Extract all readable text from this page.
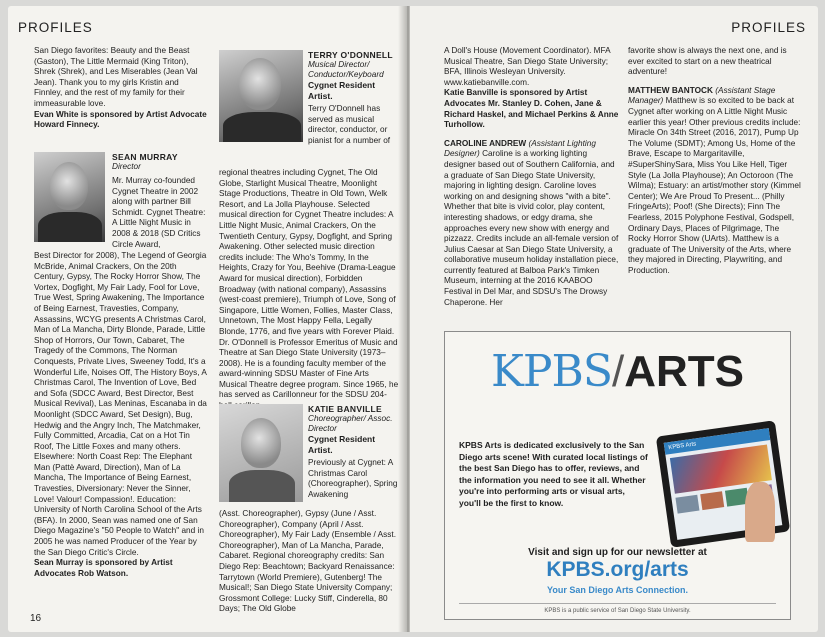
PROFILES

San Diego favorites: Beauty and the Beast (Gaston), The Little Mermaid (King Triton), Shrek (Shrek), and Les Miserables (Jean Val Jean). Thank you to my girls Kristin and Finnley, and the rest of my family for their immeasurable love.

Evan White is sponsored by Artist Advocate Howard Finnecy.

SEAN MURRAY

Director

Mr. Murray co-founded Cygnet Theatre in 2002 along with partner Bill Schmidt. Cygnet Theatre: A Little Night Music in 2008 & 2018 (SD Critics Circle Award,

Best Director for 2008), The Legend of Georgia McBride, Animal Crackers, On the 20th Century, Gypsy, The Rocky Horror Show, The Vortex, Dogfight, My Fair Lady, Fool for Love, True West, Spring Awakening, The Importance of Being Earnest, Travesties, Company, Assassins, WCYG presents A Christmas Carol, Man of La Mancha, Dirty Blonde, Parade, Little Shop of Horrors, Our Town, Cabaret, The Tragedy of the Commons, The Norman Conquests, Private Lives, Sweeney Todd, It's a Wonderful Life, Noises Off, The History Boys, A Christmas Carol, The Invention of Love, Bed and Sofa (SDCC Award, Best Director, Best Musical Revival), Las Meninas, Escanaba in da Moonlight (SDCC Award, Set Design), Bug, Hedwig and the Angry Inch, The Matchmaker, Fully Committed, Arcadia, Cat on a Hot Tin Roof, The Little Foxes and many others. Elsewhere: North Coast Rep: The Elephant Man (Pattè Award, Direction), Man of La Mancha, The Importance of Being Earnest, Travesties, Diversionary: Never the Sinner, Love! Valour! Compassion!. Education: University of North Carolina School of the Arts (BFA). In 2000, Sean was named one of San Diego Magazine's "50 People to Watch" and in 2005 he was named Producer of the Year by the San Diego Critic's Circle.

Sean Murray is sponsored by Artist Advocates Rob Watson.

TERRY O'DONNELL

Musical Director/ Conductor/Keyboard

Cygnet Resident Artist.

Terry O'Donnell has served as musical director, conductor, or pianist for a number of

regional theatres including Cygnet, The Old Globe, Starlight Musical Theatre, Moonlight Stage Productions, Theatre in Old Town, Welk Resort, and La Jolla Playhouse. Selected musical direction for Cygnet Theatre includes: A Little Night Music, Animal Crackers, On the Twentieth Century, Gypsy, Dogfight, and Spring Awakening. Other selected music direction credits include: The Who's Tommy, In the Heights, Crazy for You, Beehive (Drama-League Award for musical direction), Forbidden Broadway (with national company), Assassins (west-coast premiere), Triumph of Love, Song of Singapore, Little Women, Follies, Master Class, Unnetown, The Most Happy Fella, Legally Blonde, 1776, and five years with Forever Plaid. Dr. O'Donnell is Professor Emeritus of Music and Theatre at San Diego State University (1973–2008). He is a founding faculty member of the award-winning SDSU Master of Fine Arts Musical Theatre degree program. Since 1965, he has served as Carillonneur for the SDSU 204-

KATIE BANVILLE

Choreographer/ Assoc. Director

Cygnet Resident Artist.

Previously at Cygnet: A Christmas Carol (Choreographer), Spring Awakening

(Asst. Choreographer), Gypsy (June / Asst. Choreographer), Company (April / Asst. Choreographer), My Fair Lady (Ensemble / Asst. Choreographer), Man of La Mancha, Parade, Cabaret. Regional choreography credits: San Diego Rep: Beachtown; Backyard Renaissance: Tarrytown (World Premiere), Gutenberg! The Musical!; San Diego State University Company; Grossmont College: Lucky Stiff, Cinderella, 80 Days; The Old Globe

16
PROFILES

A Doll's House (Movement Coordinator). MFA Musical Theatre, San Diego State University; BFA, Illinois Wesleyan University. www.katiebanville.com.

Katie Banville is sponsored by Artist Advocates Mr. Stanley D. Cohen, Jane & Richard Haskel, and Michael Perkins & Anne Turhollow.

CAROLINE ANDREW (Assistant Lighting Designer) Caroline is a working lighting designer based out of Southern California, and a graduate of San Diego State University, majoring in lighting design. Caroline loves working on and designing shows "with a bite". Whether that bite is vivid color, play content, interesting shadows, or edgy drama, she approaches every new show with energy and pizzazz. Credits include an all-female version of Julius Caesar at San Diego State University, a collaborative museum holiday installation piece, currently featured at Balboa Park's Timken Museum, interning at the 2016 KAABOO Festival in Del Mar, and SDSU's The Drowsy Chaperone. Her

favorite show is always the next one, and is ever excited to start on a new theatrical adventure!

MATTHEW BANTOCK (Assistant Stage Manager) Matthew is so excited to be back at Cygnet after working on A Little Night Music earlier this year! Other previous credits include: Miracle On 34th Street (2016, 2017), Pump Up The Volume (SDMT); Among Us, Home of the Brave, Escape to Margaritaville, #SuperShinySara, Miss You Like Hell, Tiger Style (La Jolla Playhouse); An Octoroon (The Wilma); Estuary: an artist/mother story (Kimmel Center); We Are Proud To Present... (Philly FringeArts); Poof! (She Directs); Finn The Fearless, 2015 Polyphone Festival, Godspell, Ordinary Days, Places of Pilgrimage, The Rocky Horror Show (UArts). Matthew is a graduate of The University of the Arts, where they majored in Directing, Playwriting, and Production.

KPBS/ARTS
KPBS Arts is dedicated exclusively to the San Diego arts scene! With curated local listings of the best San Diego has to offer, reviews, and the information you need to see it all. Whether you're into performing arts or visual arts, you'll be the first to know.
KPBS Arts
Visit and sign up for our newsletter at
KPBS.org/arts
Your San Diego Arts Connection.
KPBS is a public service of San Diego State University.
